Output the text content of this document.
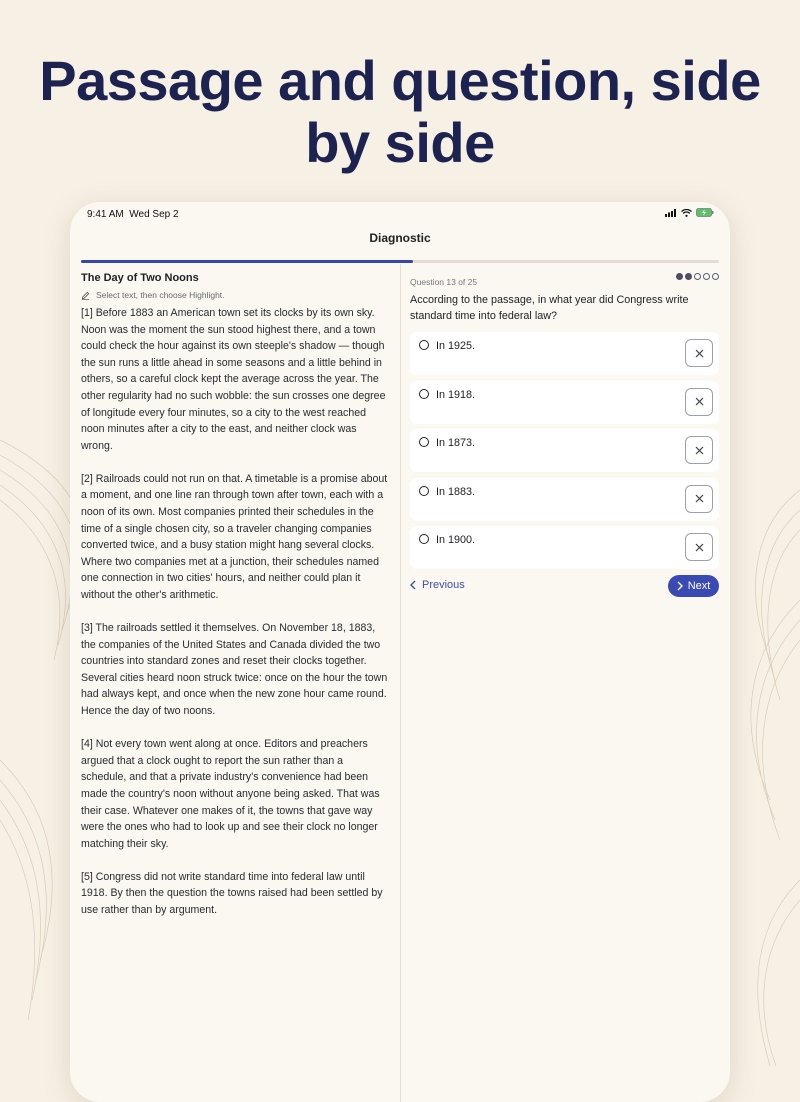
Passage and question, side by side
9:41 AM Wed Sep 2
Diagnostic
The Day of Two Noons
Select text, then choose Highlight.

[1] Before 1883 an American town set its clocks by its own sky. Noon was the moment the sun stood highest there, and a town could check the hour against its own steeple's shadow — though the sun runs a little ahead in some seasons and a little behind in others, so a careful clock kept the average across the year. The other regularity had no such wobble: the sun crosses one degree of longitude every four minutes, so a city to the west reached noon minutes after a city to the east, and neither clock was wrong.

[2] Railroads could not run on that. A timetable is a promise about a moment, and one line ran through town after town, each with a noon of its own. Most companies printed their schedules in the time of a single chosen city, so a traveler changing companies converted twice, and a busy station might hang several clocks. Where two companies met at a junction, their schedules named one connection in two cities' hours, and neither could plan it without the other's arithmetic.

[3] The railroads settled it themselves. On November 18, 1883, the companies of the United States and Canada divided the two countries into standard zones and reset their clocks together. Several cities heard noon struck twice: once on the hour the town had always kept, and once when the new zone hour came round. Hence the day of two noons.

[4] Not every town went along at once. Editors and preachers argued that a clock ought to report the sun rather than a schedule, and that a private industry's convenience had been made the country's noon without anyone being asked. That was their case. Whatever one makes of it, the towns that gave way were the ones who had to look up and see their clock no longer matching their sky.

[5] Congress did not write standard time into federal law until 1918. By then the question the towns raised had been settled by use rather than by argument.

Question 13 of 25
According to the passage, in what year did Congress write standard time into federal law?
In 1925.
In 1918.
In 1873.
In 1883.
In 1900.
Previous	Next
